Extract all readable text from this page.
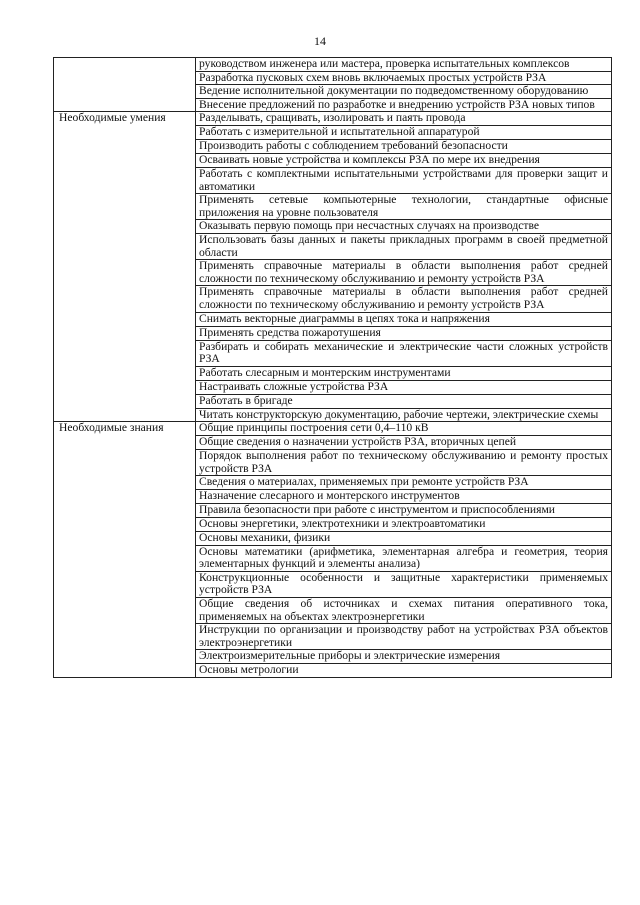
14
	руководством инженера или мастера, проверка испытательных комплексов
	Разработка пусковых схем вновь включаемых простых устройств РЗА
	Ведение исполнительной документации по подведомственному оборудованию
	Внесение предложений по разработке и внедрению устройств РЗА новых типов
Необходимые умения	Разделывать, сращивать, изолировать и паять провода
	Работать с измерительной и испытательной аппаратурой
	Производить работы с соблюдением требований безопасности
	Осваивать новые устройства и комплексы РЗА по мере их внедрения
	Работать с комплектными испытательными устройствами для проверки защит и автоматики
	Применять сетевые компьютерные технологии, стандартные офисные приложения на уровне пользователя
	Оказывать первую помощь при несчастных случаях на производстве
	Использовать базы данных и пакеты прикладных программ в своей предметной области
	Применять справочные материалы в области выполнения работ средней сложности по техническому обслуживанию и ремонту устройств РЗА
	Применять справочные материалы в области выполнения работ средней сложности по техническому обслуживанию и ремонту устройств РЗА
	Снимать векторные диаграммы в цепях тока и напряжения
	Применять средства пожаротушения
	Разбирать и собирать механические и электрические части сложных устройств РЗА
	Работать слесарным и монтерским инструментами
	Настраивать сложные устройства РЗА
	Работать в бригаде
	Читать конструкторскую документацию, рабочие чертежи, электрические схемы
Необходимые знания	Общие принципы построения сети 0,4–110 кВ
	Общие сведения о назначении устройств РЗА, вторичных цепей
	Порядок выполнения работ по техническому обслуживанию и ремонту простых устройств РЗА
	Сведения о материалах, применяемых при ремонте устройств РЗА
	Назначение слесарного и монтерского инструментов
	Правила безопасности при работе с инструментом и приспособлениями
	Основы энергетики, электротехники и электроавтоматики
	Основы механики, физики
	Основы математики (арифметика, элементарная алгебра и геометрия, теория элементарных функций и элементы анализа)
	Конструкционные особенности и защитные характеристики применяемых устройств РЗА
	Общие сведения об источниках и схемах питания оперативного тока, применяемых на объектах электроэнергетики
	Инструкции по организации и производству работ на устройствах РЗА объектов электроэнергетики
	Электроизмерительные приборы и электрические измерения
	Основы метрологии
